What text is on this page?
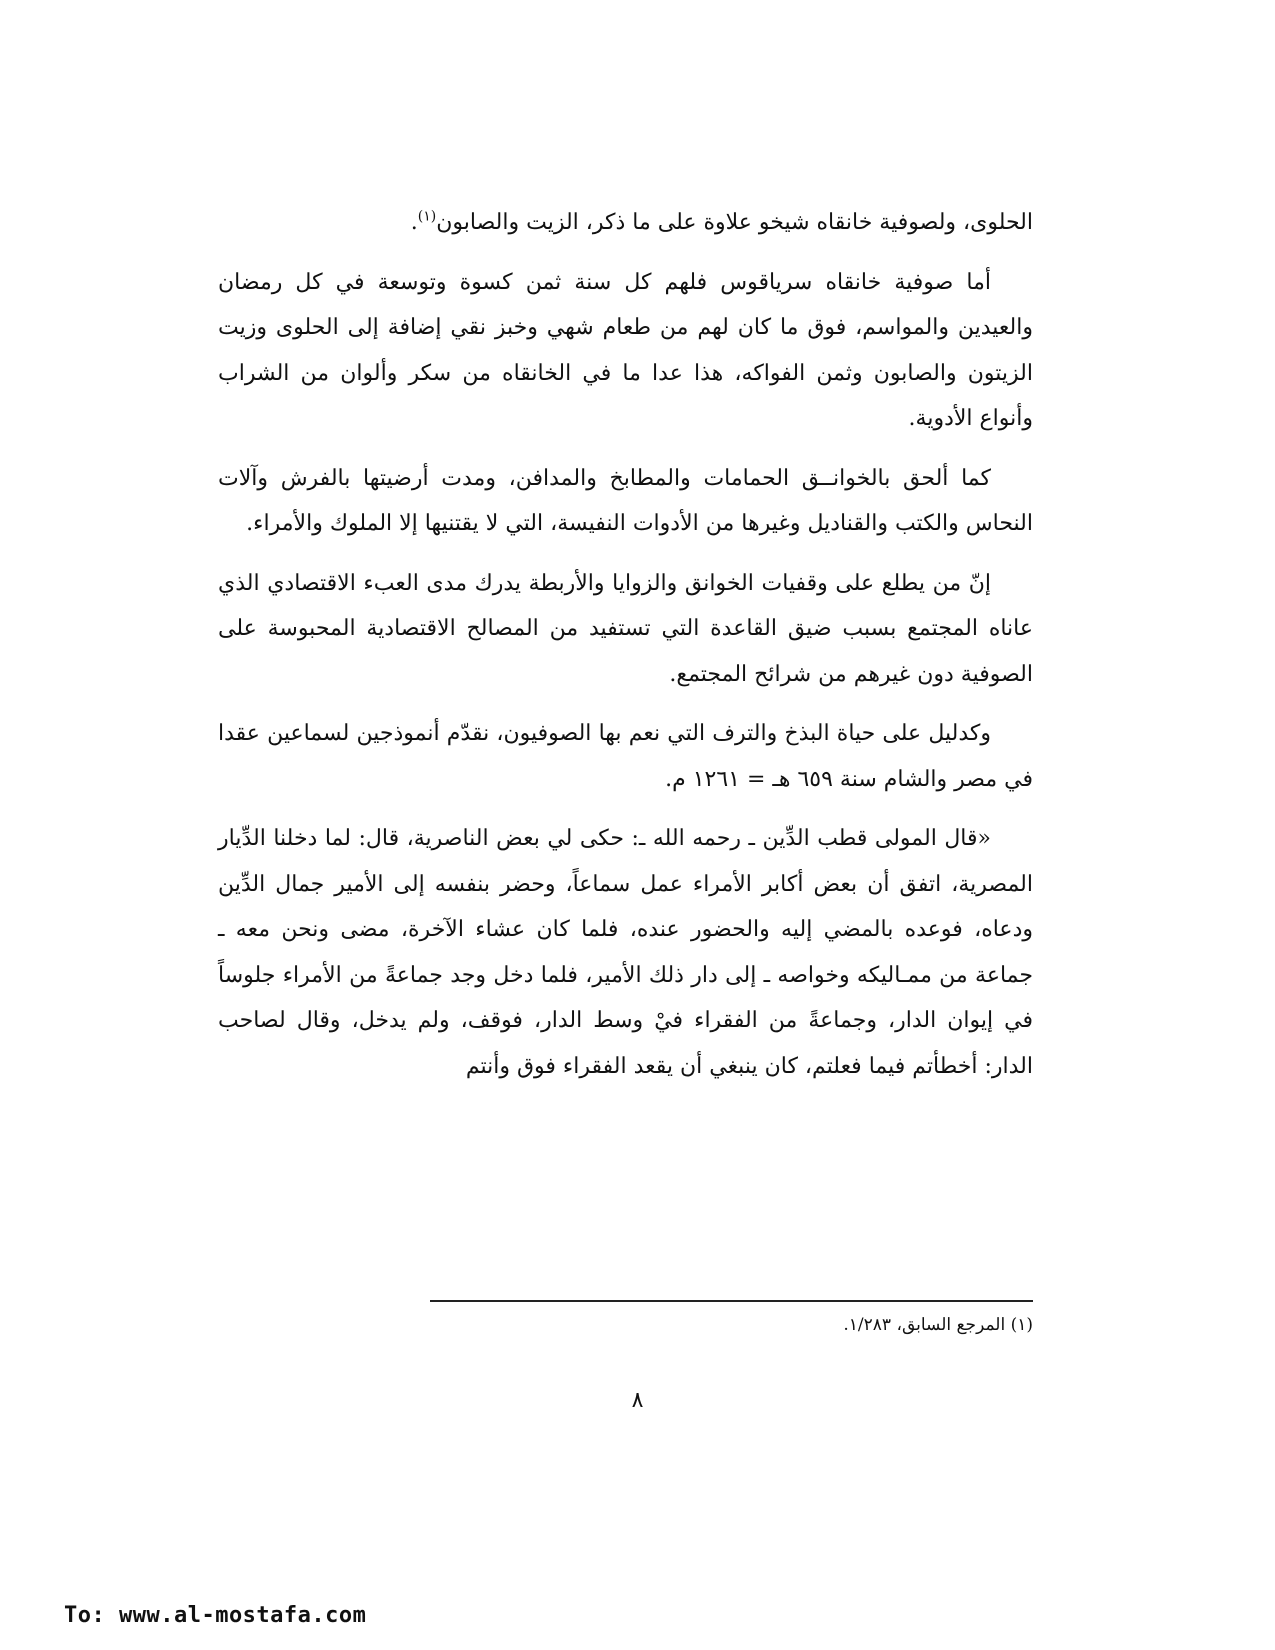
الحلوى، ولصوفية خانقاه شيخو علاوة على ما ذكر، الزيت والصابون$^{(١)}$.

أما صوفية خانقاه سرياقوس فلهم كل سنة ثمن كسوة وتوسعة في كل رمضان والعيدين والمواسم، فوق ما كان لهم من طعام شهي وخبز نقي إضافة إلى الحلوى وزيت الزيتون والصابون وثمن الفواكه، هذا عدا ما في الخانقاه من سكر وألوان من الشراب وأنواع الأدوية.

كما ألحق بالخوانــق الحمامات والمطابخ والمدافن، ومدت أرضيتها بالفرش وآلات النحاس والكتب والقناديل وغيرها من الأدوات النفيسة، التي لا يقتنيها إلا الملوك والأمراء.

إنّ من يطلع على وقفيات الخوانق والزوايا والأربطة يدرك مدى العبء الاقتصادي الذي عاناه المجتمع بسبب ضيق القاعدة التي تستفيد من المصالح الاقتصادية المحبوسة على الصوفية دون غيرهم من شرائح المجتمع.

وكدليل على حياة البذخ والترف التي نعم بها الصوفيون، نقدّم أنموذجين لسماعين عقدا في مصر والشام سنة ٦٥٩ هـ = ١٢٦١ م.

«قال المولى قطب الدِّين ـ رحمه الله ـ: حكى لي بعض الناصرية، قال: لما دخلنا الدِّيار المصرية، اتفق أن بعض أكابر الأمراء عمل سماعاً، وحضر بنفسه إلى الأمير جمال الدِّين ودعاه، فوعده بالمضي إليه والحضور عنده، فلما كان عشاء الآخرة، مضى ونحن معه ـ جماعة من ممـاليكه وخواصه ـ إلى دار ذلك الأمير، فلما دخل وجد جماعةً من الأمراء جلوساً في إيوان الدار، وجماعةً من الفقراء فيْ وسط الدار، فوقف، ولم يدخل، وقال لصاحب الدار: أخطأتم فيما فعلتم، كان ينبغي أن يقعد الفقراء فوق وأنتم

(١) المرجع السابق، ١/٢٨٣.
٨
To: www.al-mostafa.com
